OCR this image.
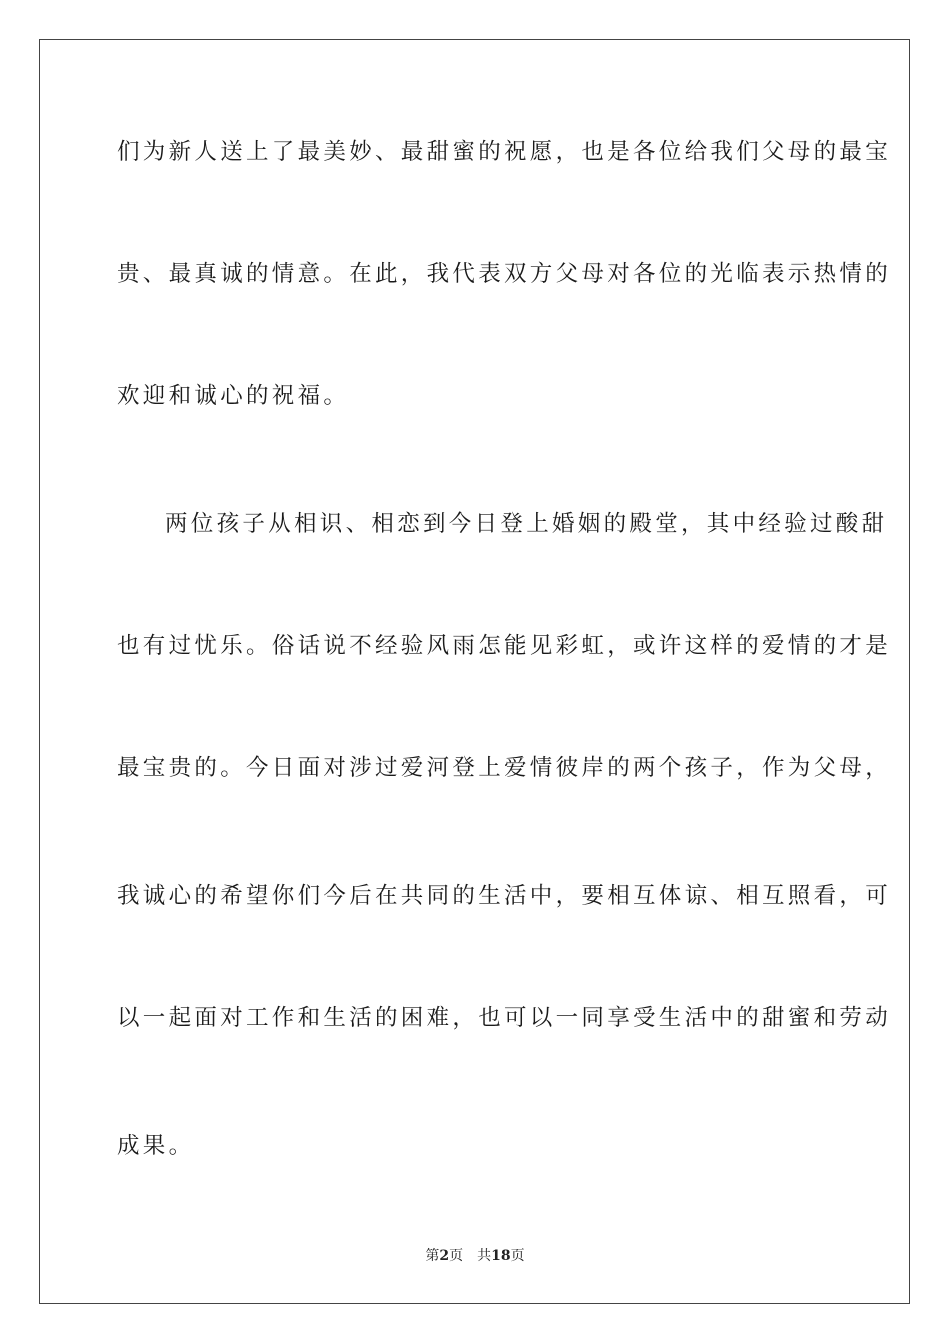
们为新人送上了最美妙、最甜蜜的祝愿，也是各位给我们父母的最宝
贵、最真诚的情意。在此，我代表双方父母对各位的光临表示热情的
欢迎和诚心的祝福。
两位孩子从相识、相恋到今日登上婚姻的殿堂，其中经验过酸甜
也有过忧乐。俗话说不经验风雨怎能见彩虹，或许这样的爱情的才是
最宝贵的。今日面对涉过爱河登上爱情彼岸的两个孩子，作为父母，
我诚心的希望你们今后在共同的生活中，要相互体谅、相互照看，可
以一起面对工作和生活的困难，也可以一同享受生活中的甜蜜和劳动
成果。
第2页 共18页
